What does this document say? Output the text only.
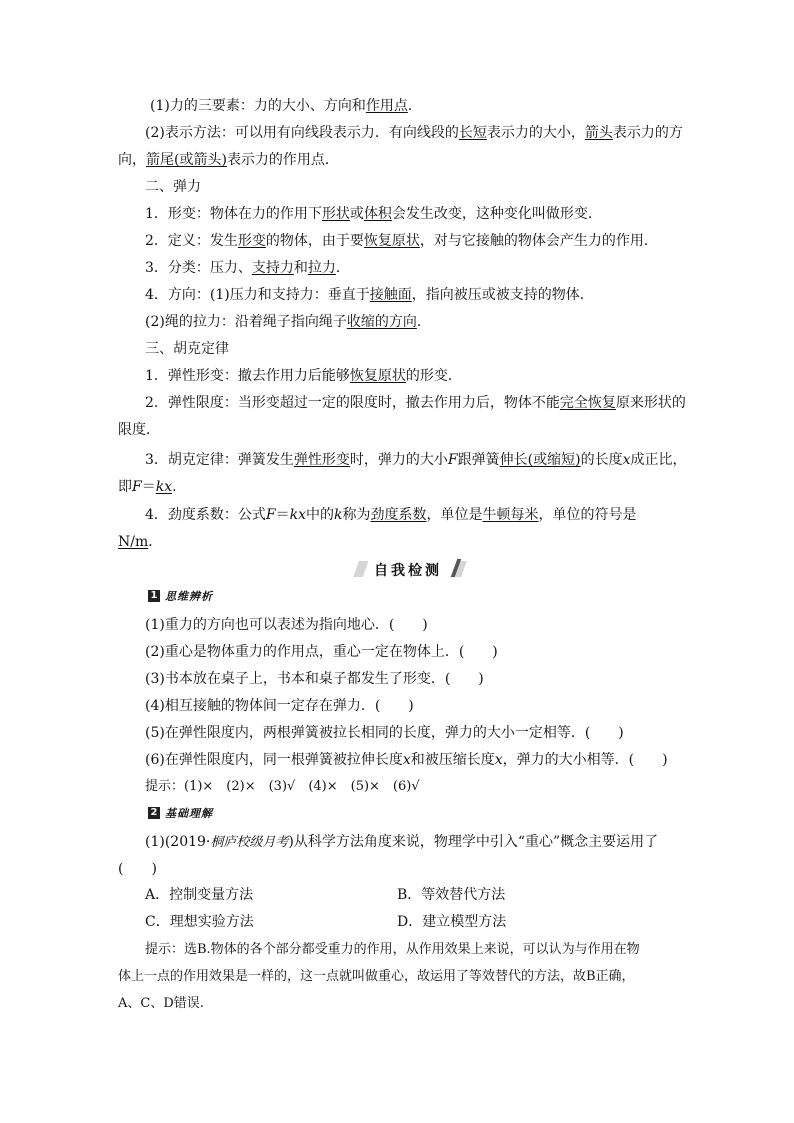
(1)力的三要素：力的大小、方向和作用点．
(2)表示方法：可以用有向线段表示力．有向线段的长短表示力的大小，箭头表示力的方
向，箭尾(或箭头)表示力的作用点．
二、弹力
1．形变：物体在力的作用下形状或体积会发生改变，这种变化叫做形变．
2．定义：发生形变的物体，由于要恢复原状，对与它接触的物体会产生力的作用．
3．分类：压力、支持力和拉力．
4．方向：(1)压力和支持力：垂直于接触面，指向被压或被支持的物体．
(2)绳的拉力：沿着绳子指向绳子收缩的方向．
三、胡克定律
1．弹性形变：撤去作用力后能够恢复原状的形变．
2．弹性限度：当形变超过一定的限度时，撤去作用力后，物体不能完全恢复原来形状的
限度．
3．胡克定律：弹簧发生弹性形变时，弹力的大小F跟弹簧伸长(或缩短)的长度x成正比，
即F＝kx．
4．劲度系数：公式F＝kx中的k称为劲度系数，单位是牛顿每米，单位的符号是
N/m．
自我检测
1 思维辨析
(1)重力的方向也可以表述为指向地心．(　　)
(2)重心是物体重力的作用点，重心一定在物体上．(　　)
(3)书本放在桌子上，书本和桌子都发生了形变．(　　)
(4)相互接触的物体间一定存在弹力．(　　)
(5)在弹性限度内，两根弹簧被拉长相同的长度，弹力的大小一定相等．(　　)
(6)在弹性限度内，同一根弹簧被拉伸长度x和被压缩长度x，弹力的大小相等．(　　)
提示：(1)×　(2)×　(3)√　(4)×　(5)×　(6)√
2 基础理解
(1)(2019·桐庐校级月考)从科学方法角度来说，物理学中引入“重心”概念主要运用了
(　　)
A．控制变量方法	B．等效替代方法
C．理想实验方法	D．建立模型方法
提示：选B.物体的各个部分都受重力的作用，从作用效果上来说，可以认为与作用在物
体上一点的作用效果是一样的，这一点就叫做重心，故运用了等效替代的方法，故B正确，
A、C、D错误.
